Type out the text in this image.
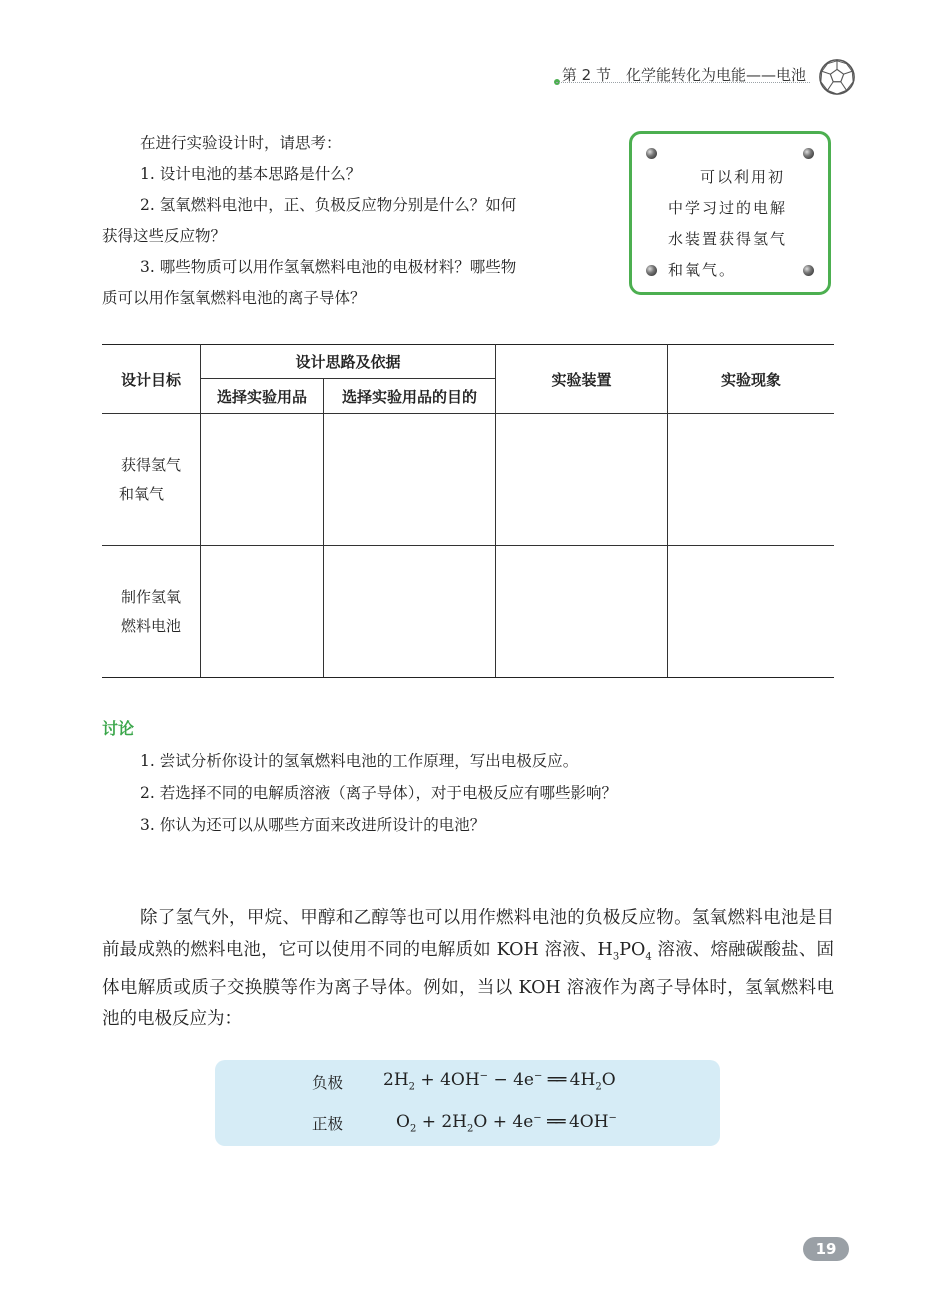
第 2 节　化学能转化为电能——电池

在进行实验设计时，请思考：

1. 设计电池的基本思路是什么？

2. 氢氧燃料电池中，正、负极反应物分别是什么？如何

获得这些反应物？

3. 哪些物质可以用作氢氧燃料电池的电极材料？哪些物

质可以用作氢氧燃料电池的离子导体？

可以利用初
中学习过的电解
水装置获得氢气
和氧气。
设计目标	设计思路及依据		实验装置	实验现象
	选择实验用品	选择实验用品的目的		

获得氢气
和氧气				

制作氢氧
燃料电池				

讨论

1. 尝试分析你设计的氢氧燃料电池的工作原理，写出电极反应。

2. 若选择不同的电解质溶液（离子导体），对于电极反应有哪些影响？

3. 你认为还可以从哪些方面来改进所设计的电池？

除了氢气外，甲烷、甲醇和乙醇等也可以用作燃料电池的负极反应物。氢氧燃料电池是目前最成熟的燃料电池，它可以使用不同的电解质如 KOH 溶液、$H_3PO_4$ 溶液、熔融碳酸盐、固体电解质或质子交换膜等作为离子导体。例如，当以 KOH 溶液作为离子导体时，氢氧燃料电池的电极反应为：

负极 $2H_2 + 4OH^- - 4e^-$ ══ $4H_2O$
正极	$O_2 + 2H_2O + 4e^-$ ══ 4OH−
19
